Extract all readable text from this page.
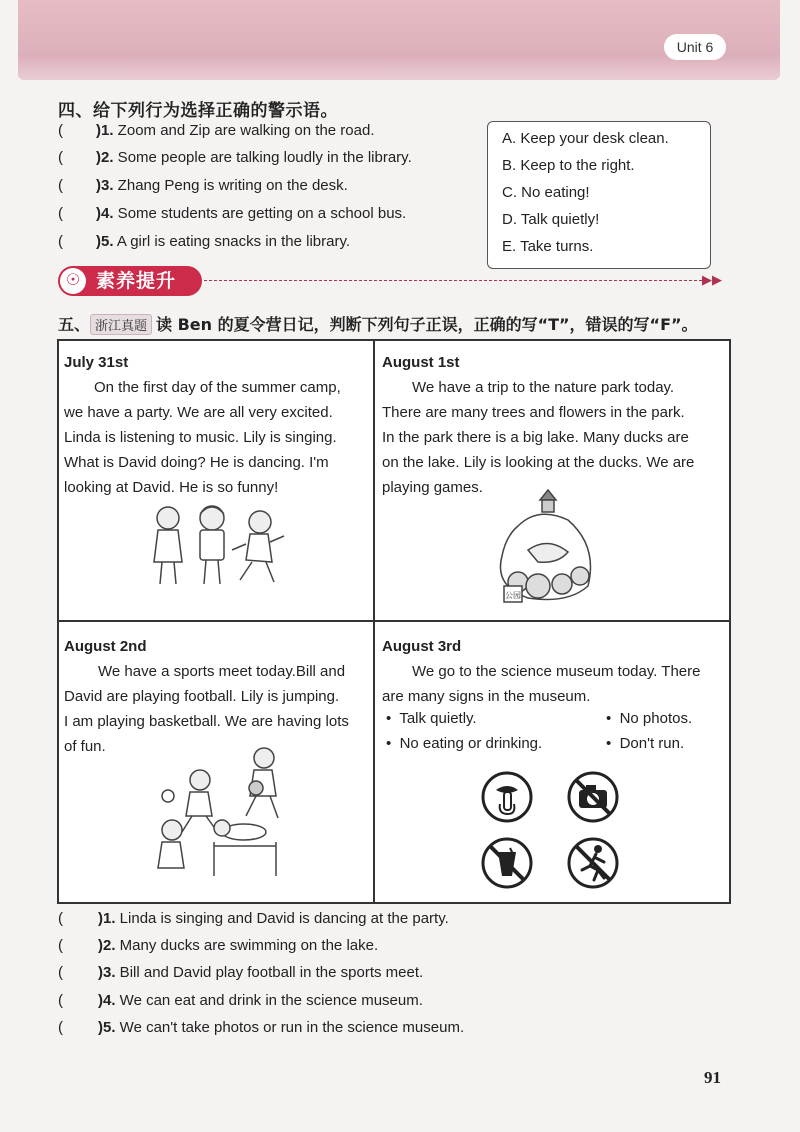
Unit 6
四、给下列行为选择正确的警示语。
( )1. Zoom and Zip are walking on the road.
( )2. Some people are talking loudly in the library.
( )3. Zhang Peng is writing on the desk.
( )4. Some students are getting on a school bus.
( )5. A girl is eating snacks in the library.
A. Keep your desk clean.
B. Keep to the right.
C. No eating!
D. Talk quietly!
E. Take turns.
☉ 素养提升	▶▶
五、 浙江真题 读 Ben 的夏令营日记，判断下列句子正误，正确的写“T”，错误的写“F”。
July 31st
On the first day of the summer camp,
we have a party. We are all very excited.
Linda is listening to music. Lily is singing.
What is David doing? He is dancing. I'm
looking at David. He is so funny!
August 1st
We have a trip to the nature park today.
There are many trees and flowers in the park.
In the park there is a big lake. Many ducks are
on the lake. Lily is looking at the ducks. We are
playing games.
公园
August 2nd
We have a sports meet today.Bill and
David are playing football. Lily is jumping.
I am playing basketball. We are having lots
of fun.
August 3rd
We go to the science museum today. There
are many signs in the museum.
•  Talk quietly.	•  No photos.
•  No eating or drinking.	•  Don't run.
( )1. Linda is singing and David is dancing at the party.
( )2. Many ducks are swimming on the lake.
( )3. Bill and David play football in the sports meet.
( )4. We can eat and drink in the science museum.
( )5. We can't take photos or run in the science museum.
91
